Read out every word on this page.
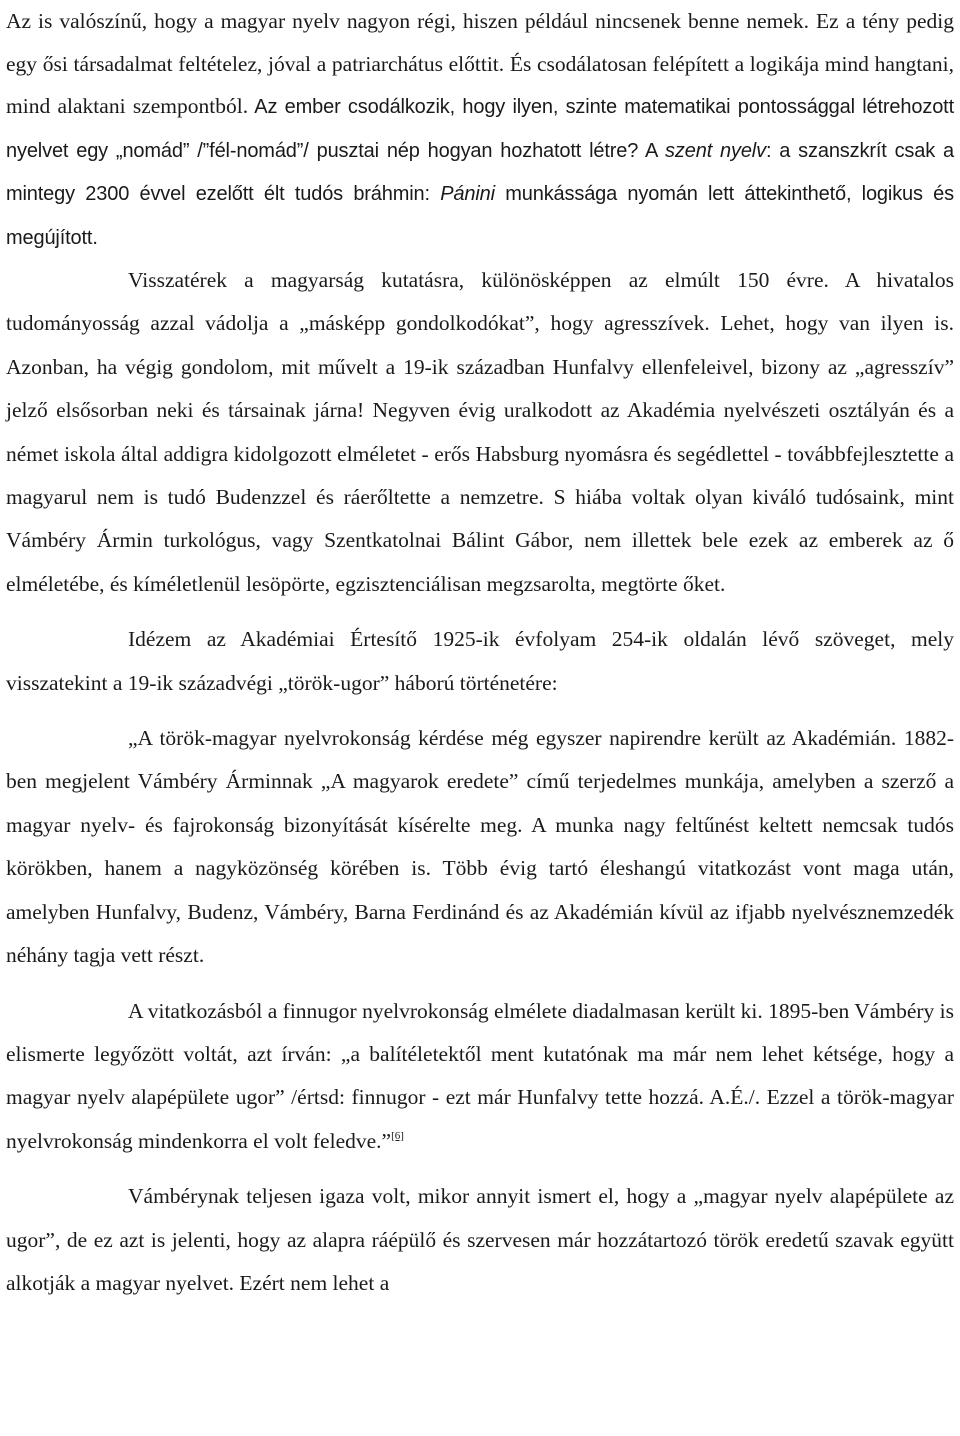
Az is valószínű, hogy a magyar nyelv nagyon régi, hiszen például nincsenek benne nemek. Ez a tény pedig egy ősi társadalmat feltételez, jóval a patriarchátus előttit. És csodálatosan felépített a logikája mind hangtani, mind alaktani szempontból. Az ember csodálkozik, hogy ilyen, szinte matematikai pontossággal létrehozott nyelvet egy „nomád” /”fél-nomád”/ pusztai nép hogyan hozhatott létre? A szent nyelv: a szanszkrít csak a mintegy 2300 évvel ezelőtt élt tudós bráhmin: Pánini munkássága nyomán lett áttekinthető, logikus és megújított.

Visszatérek a magyarság kutatásra, különösképpen az elmúlt 150 évre. A hivatalos tudományosság azzal vádolja a „másképp gondolkodókat”, hogy agresszívek. Lehet, hogy van ilyen is. Azonban, ha végig gondolom, mit művelt a 19-ik században Hunfalvy ellenfeleivel, bizony az „agresszív” jelző elsősorban neki és társainak járna! Negyven évig uralkodott az Akadémia nyelvészeti osztályán és a német iskola által addigra kidolgozott elméletet - erős Habsburg nyomásra és segédlettel - továbbfejlesztette a magyarul nem is tudó Budenzzel és ráerőltette a nemzetre. S hiába voltak olyan kiváló tudósaink, mint Vámbéry Ármin turkológus, vagy Szentkatolnai Bálint Gábor, nem illettek bele ezek az emberek az ő elméletébe, és kíméletlenül lesöpörte, egzisztenciálisan megzsarolta, megtörte őket.

Idézem az Akadémiai Értesítő 1925-ik évfolyam 254-ik oldalán lévő szöveget, mely visszatekint a 19-ik századvégi „török-ugor” háború történetére:

„A török-magyar nyelvrokonság kérdése még egyszer napirendre került az Akadémián. 1882-ben megjelent Vámbéry Árminnak „A magyarok eredete” című terjedelmes munkája, amelyben a szerző a magyar nyelv- és fajrokonság bizonyítását kísérelte meg. A munka nagy feltűnést keltett nemcsak tudós körökben, hanem a nagyközönség körében is. Több évig tartó éleshangú vitatkozást vont maga után, amelyben Hunfalvy, Budenz, Vámbéry, Barna Ferdinánd és az Akadémián kívül az ifjabb nyelvésznemzedék néhány tagja vett részt.

A vitatkozásból a finnugor nyelvrokonság elmélete diadalmasan került ki. 1895-ben Vámbéry is elismerte legyőzött voltát, azt írván: „a balítéletektől ment kutatónak ma már nem lehet kétsége, hogy a magyar nyelv alapépülete ugor” /értsd: finnugor - ezt már Hunfalvy tette hozzá. A.É./. Ezzel a török-magyar nyelvrokonság mindenkorra el volt feledve.”[6]

Vámbérynak teljesen igaza volt, mikor annyit ismert el, hogy a „magyar nyelv alapépülete az ugor”, de ez azt is jelenti, hogy az alapra ráépülő és szervesen már hozzátartozó török eredetű szavak együtt alkotják a magyar nyelvet. Ezért nem lehet a
